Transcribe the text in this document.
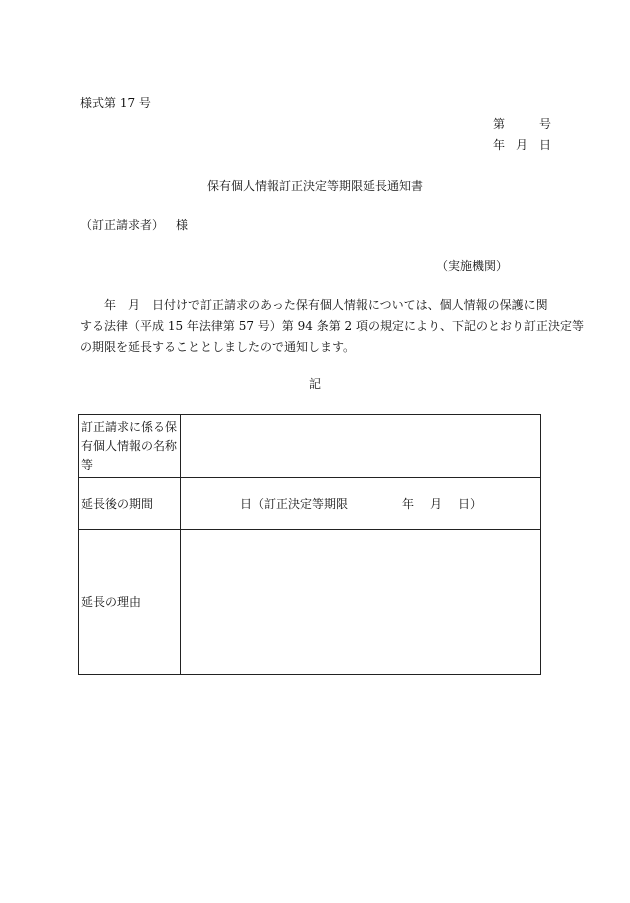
様式第 17 号
第	号
年 月 日
保有個人情報訂正決定等期限延長通知書
（訂正請求者） 様
（実施機関）
　　年　月　日付けで訂正請求のあった保有個人情報については、個人情報の保護に関
する法律（平成 15 年法律第 57 号）第 94 条第 2 項の規定により、下記のとおり訂正決定等
の期限を延長することとしましたので通知します。
記
訂正請求に係る保有個人情報の名称等	
延長後の期間	日（訂正決定等期限 年 月 日）
延長の理由	
